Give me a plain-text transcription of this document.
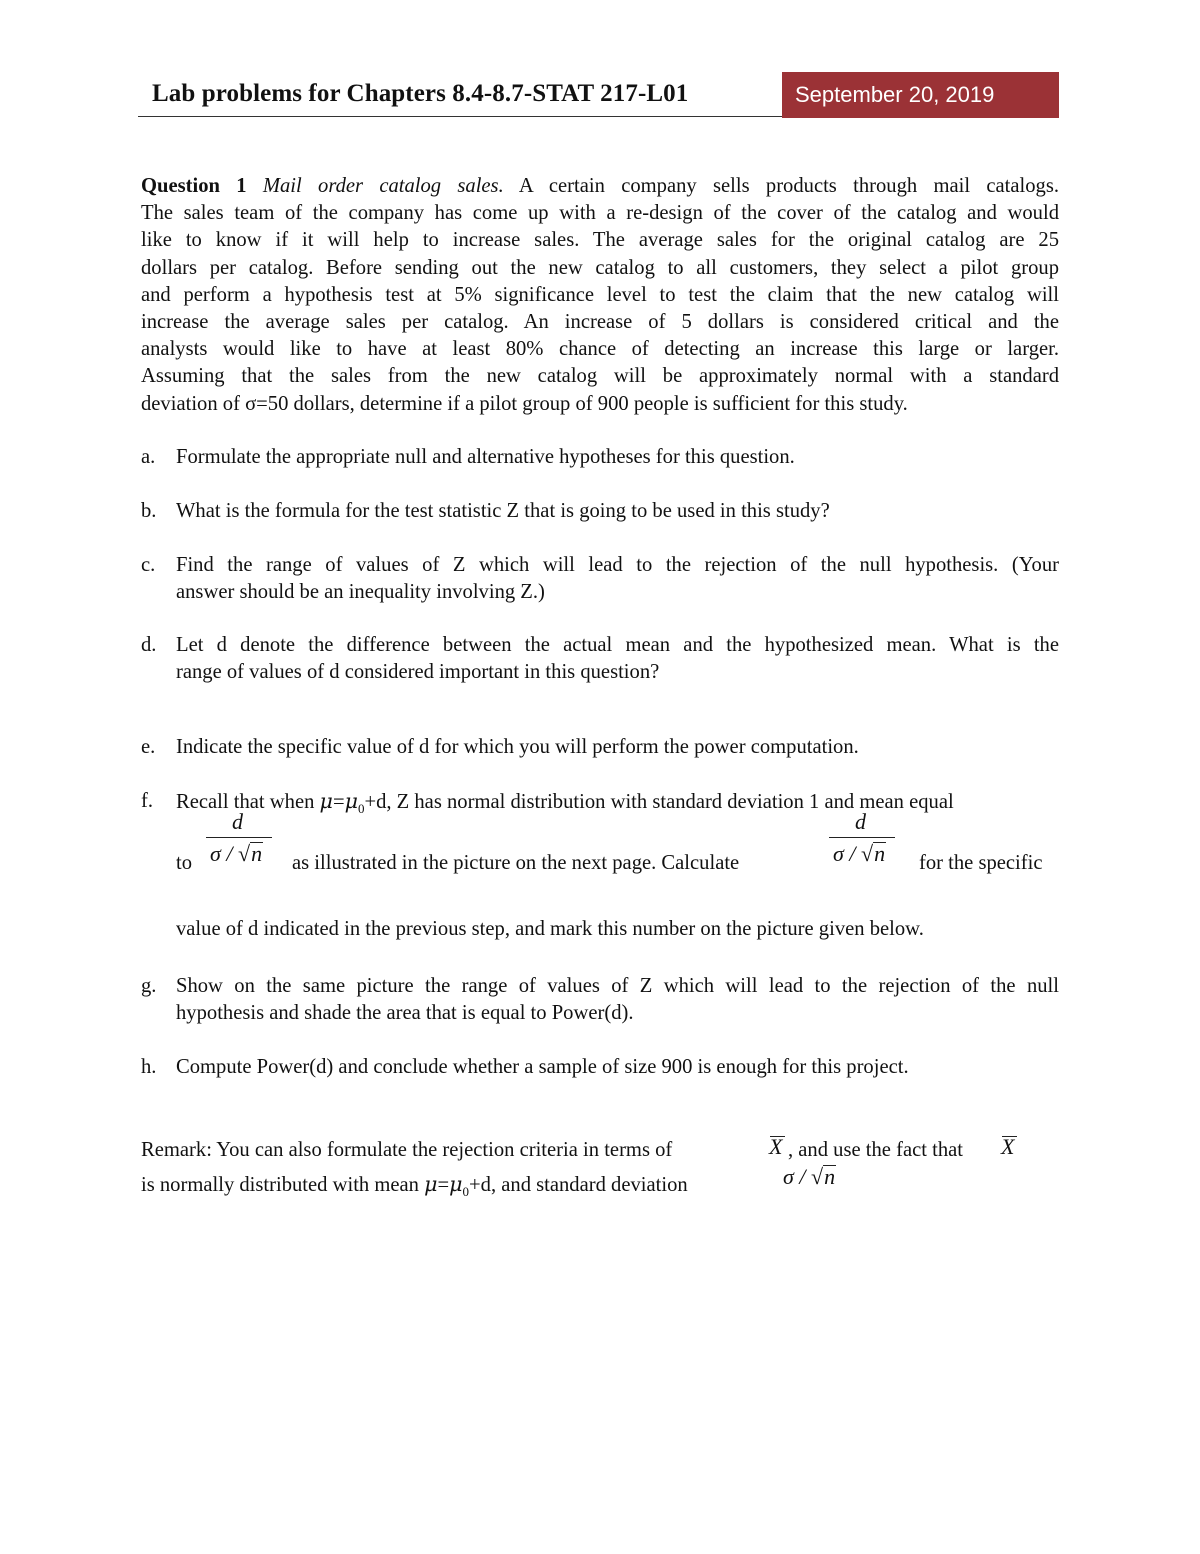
Lab problems for Chapters 8.4-8.7-STAT 217-L01	September 20, 2019
Question 1 Mail order catalog sales. A certain company sells products through mail catalogs.
The sales team of the company has come up with a re-design of the cover of the catalog and would
like to know if it will help to increase sales. The average sales for the original catalog are 25
dollars per catalog. Before sending out the new catalog to all customers, they select a pilot group
and perform a hypothesis test at 5% significance level to test the claim that the new catalog will
increase the average sales per catalog. An increase of 5 dollars is considered critical and the
analysts would like to have at least 80% chance of detecting an increase this large or larger.
Assuming that the sales from the new catalog will be approximately normal with a standard
deviation of σ=50 dollars, determine if a pilot group of 900 people is sufficient for this study.
a. Formulate the appropriate null and alternative hypotheses for this question.
b. What is the formula for the test statistic Z that is going to be used in this study?
c. Find the range of values of Z which will lead to the rejection of the null hypothesis. (Your
answer should be an inequality involving Z.)
d. Let d denote the difference between the actual mean and the hypothesized mean. What is the
range of values of d considered important in this question?
e. Indicate the specific value of d for which you will perform the power computation.
f. Recall that when $\mu=\mu_0+d$, Z has normal distribution with standard deviation 1 and mean equal
d
σ / √n
d
σ / √n
to	as illustrated in the picture on the next page. Calculate	for the specific
value of d indicated in the previous step, and mark this number on the picture given below.
g. Show on the same picture the range of values of Z which will lead to the rejection of the null
hypothesis and shade the area that is equal to Power(d).
h. Compute Power(d) and conclude whether a sample of size 900 is enough for this project.
Remark: You can also formulate the rejection criteria in terms of	X , and use the fact that X
is normally distributed with mean $\mu=\mu_0+d$, and standard deviation	σ / √n
